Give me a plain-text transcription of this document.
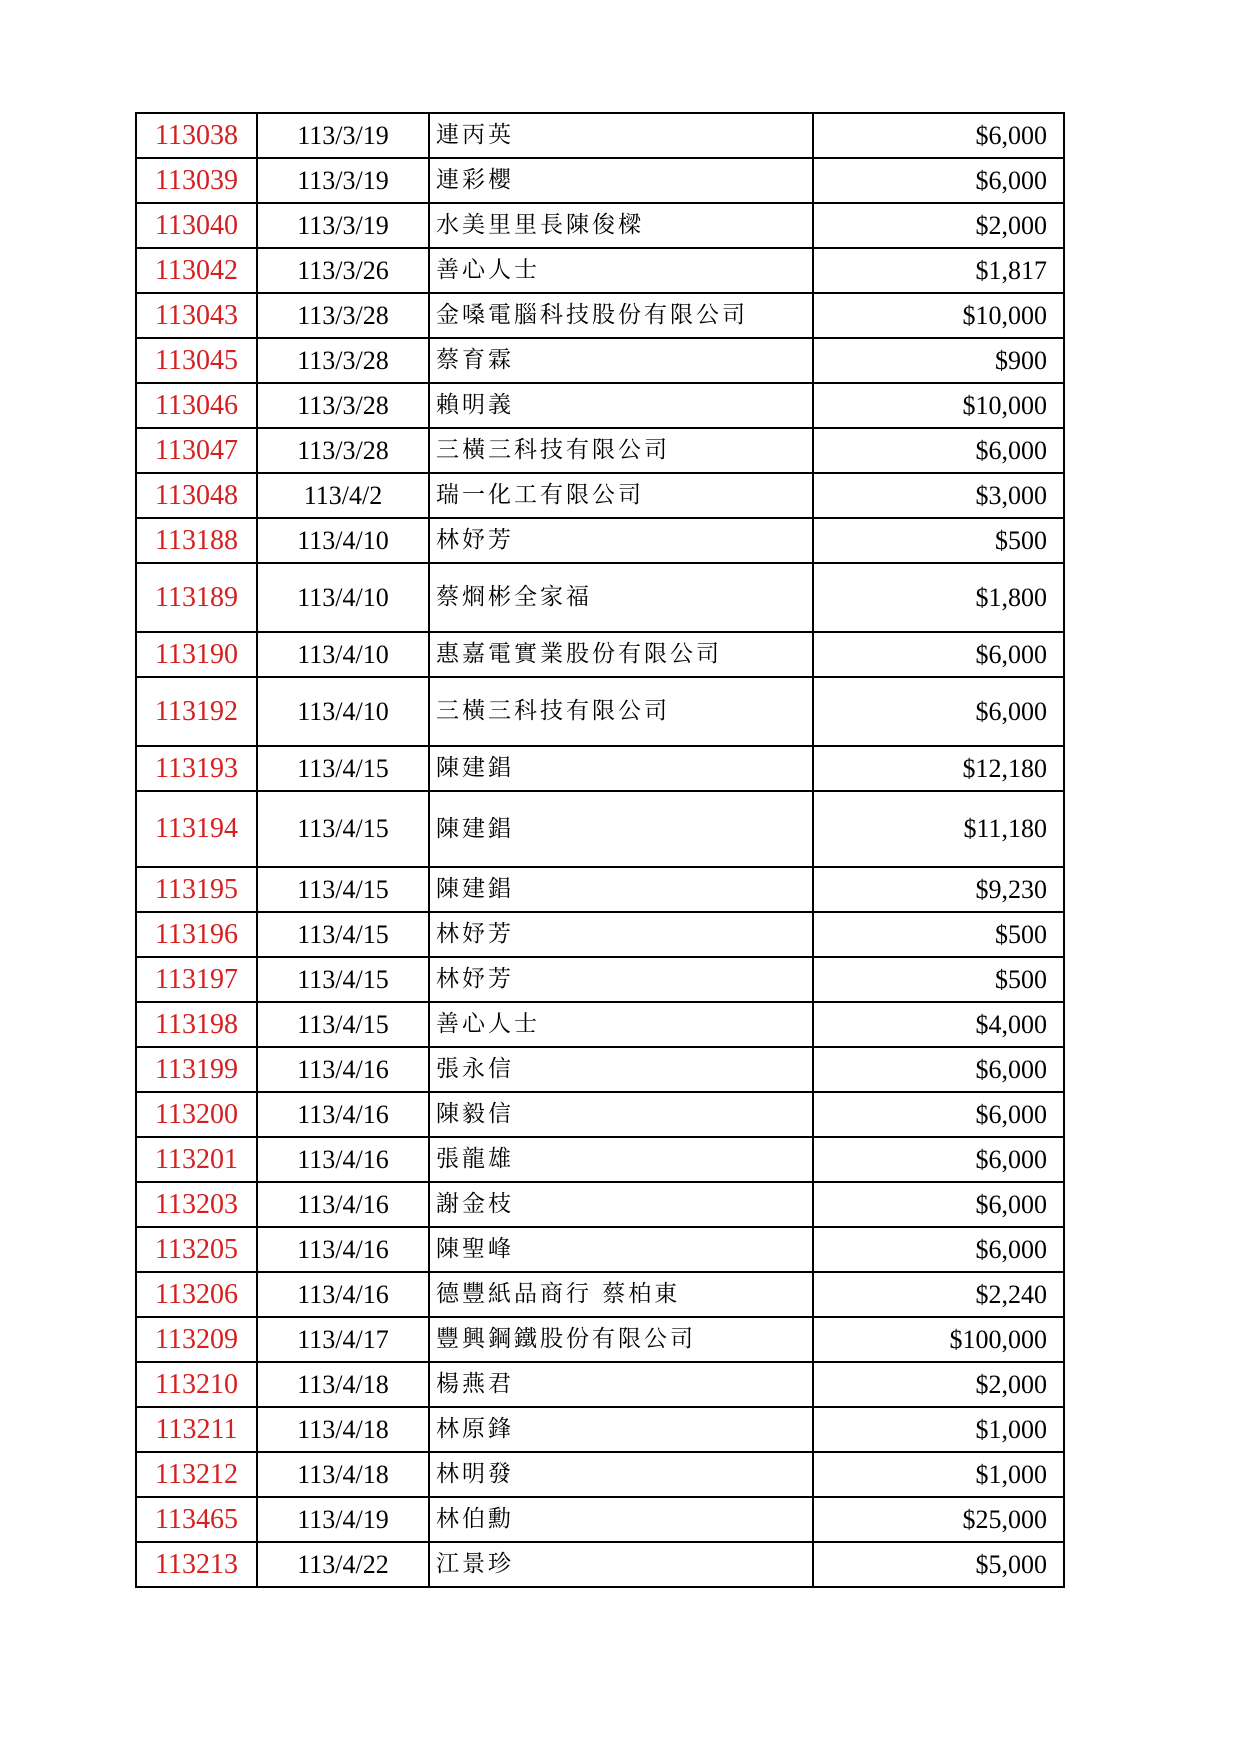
113038	113/3/19	連丙英	$6,000
113039	113/3/19	連彩櫻	$6,000
113040	113/3/19	水美里里長陳俊樑	$2,000
113042	113/3/26	善心人士	$1,817
113043	113/3/28	金嗓電腦科技股份有限公司	$10,000
113045	113/3/28	蔡育霖	$900
113046	113/3/28	賴明義	$10,000
113047	113/3/28	三橫三科技有限公司	$6,000
113048	113/4/2	瑞一化工有限公司	$3,000
113188	113/4/10	林妤芳	$500
113189	113/4/10	蔡烱彬全家福	$1,800
113190	113/4/10	惠嘉電實業股份有限公司	$6,000
113192	113/4/10	三橫三科技有限公司	$6,000
113193	113/4/15	陳建錩	$12,180
113194	113/4/15	陳建錩	$11,180
113195	113/4/15	陳建錩	$9,230
113196	113/4/15	林妤芳	$500
113197	113/4/15	林妤芳	$500
113198	113/4/15	善心人士	$4,000
113199	113/4/16	張永信	$6,000
113200	113/4/16	陳毅信	$6,000
113201	113/4/16	張龍雄	$6,000
113203	113/4/16	謝金枝	$6,000
113205	113/4/16	陳聖峰	$6,000
113206	113/4/16	德豐紙品商行 蔡柏東	$2,240
113209	113/4/17	豐興鋼鐵股份有限公司	$100,000
113210	113/4/18	楊燕君	$2,000
113211	113/4/18	林原鋒	$1,000
113212	113/4/18	林明發	$1,000
113465	113/4/19	林伯勳	$25,000
113213	113/4/22	江景珍	$5,000
